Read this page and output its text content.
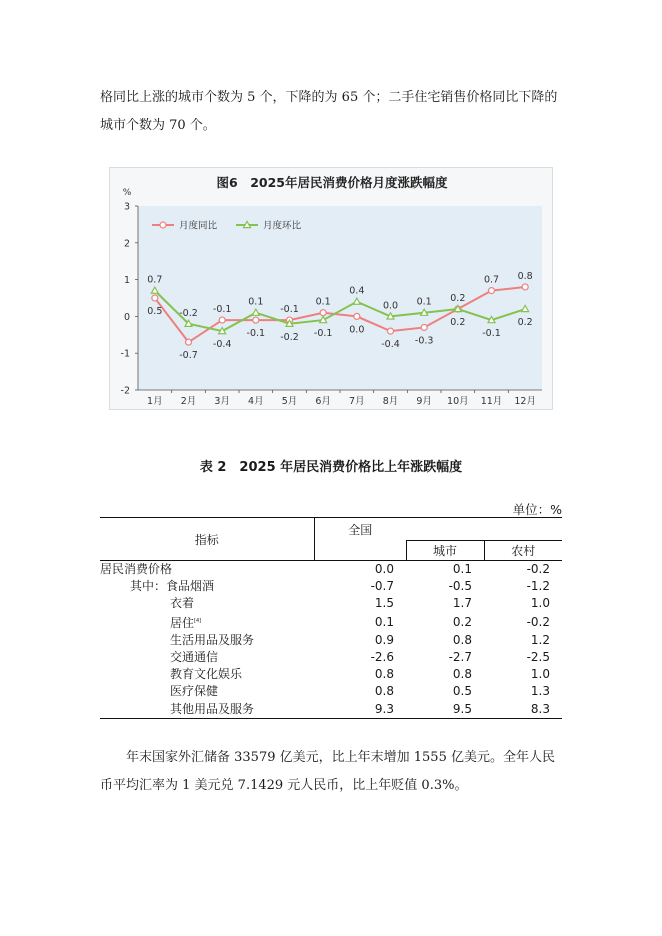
格同比上涨的城市个数为 5 个，下降的为 65 个；二手住宅销售价格同比下降的城市个数为 70 个。

图6　2025年居民消费价格月度涨跌幅度
%
3
2
1
0
-1
-2
1月 2月 3月 4月 5月 6月 7月 8月 9月 10月 11月 12月
0.7
0.5 -0.2
-0.7
-0.1
-0.4
0.1
-0.1
-0.1
-0.2
0.1
-0.1
0.4
0.0
0.0
-0.4
0.1
-0.3
0.2
0.2
0.7
-0.1
0.8
0.2
月度同比	月度环比
表 2　2025 年居民消费价格比上年涨跌幅度
单位：%
指标	全国		
		城市	农村
居民消费价格	0.0	0.1	-0.2
其中：食品烟酒	-0.7	-0.5	-1.2
衣着	1.5	1.7	1.0
居住[4]	0.1	0.2	-0.2
生活用品及服务	0.9	0.8	1.2
交通通信	-2.6	-2.7	-2.5
教育文化娱乐	0.8	0.8	1.0
医疗保健	0.8	0.5	1.3
其他用品及服务	9.3	9.5	8.3

年末国家外汇储备 33579 亿美元，比上年末增加 1555 亿美元。全年人民币平均汇率为 1 美元兑 7.1429 元人民币，比上年贬值 0.3%。
